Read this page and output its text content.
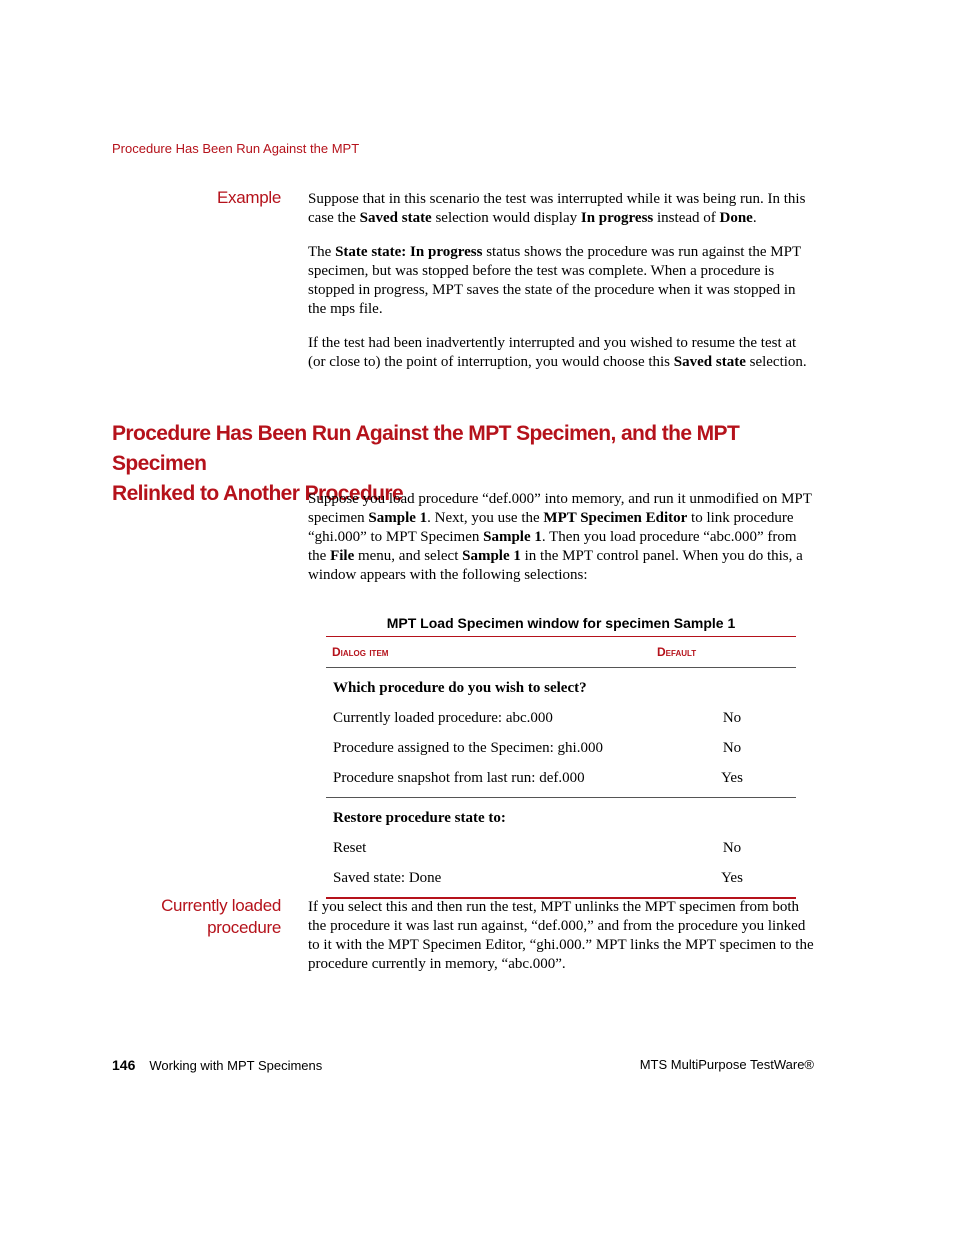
Procedure Has Been Run Against the MPT
Example Suppose that in this scenario the test was interrupted while it was being run. In this case the Saved state selection would display In progress instead of Done.

The State state: In progress status shows the procedure was run against the MPT specimen, but was stopped before the test was complete. When a procedure is stopped in progress, MPT saves the state of the procedure when it was stopped in the mps file.

If the test had been inadvertently interrupted and you wished to resume the test at (or close to) the point of interruption, you would choose this Saved state selection.

Procedure Has Been Run Against the MPT Specimen, and the MPT Specimen
Relinked to Another Procedure

Suppose you load procedure “def.000” into memory, and run it unmodified on MPT specimen Sample 1. Next, you use the MPT Specimen Editor to link procedure “ghi.000” to MPT Specimen Sample 1. Then you load procedure “abc.000” from the File menu, and select Sample 1 in the MPT control panel. When you do this, a window appears with the following selections:

MPT Load Specimen window for specimen Sample 1
Dialog item	Default
Which procedure do you wish to select?
Currently loaded procedure: abc.000	No
Procedure assigned to the Specimen: ghi.000	No
Procedure snapshot from last run: def.000	Yes
Restore procedure state to:
Reset	No
Saved state: Done	Yes
Currently loaded
procedure

If you select this and then run the test, MPT unlinks the MPT specimen from both the procedure it was last run against, “def.000,” and from the procedure you linked to it with the MPT Specimen Editor, “ghi.000.” MPT links the MPT specimen to the procedure currently in memory, “abc.000”.

146 Working with MPT Specimens	MTS MultiPurpose TestWare®
